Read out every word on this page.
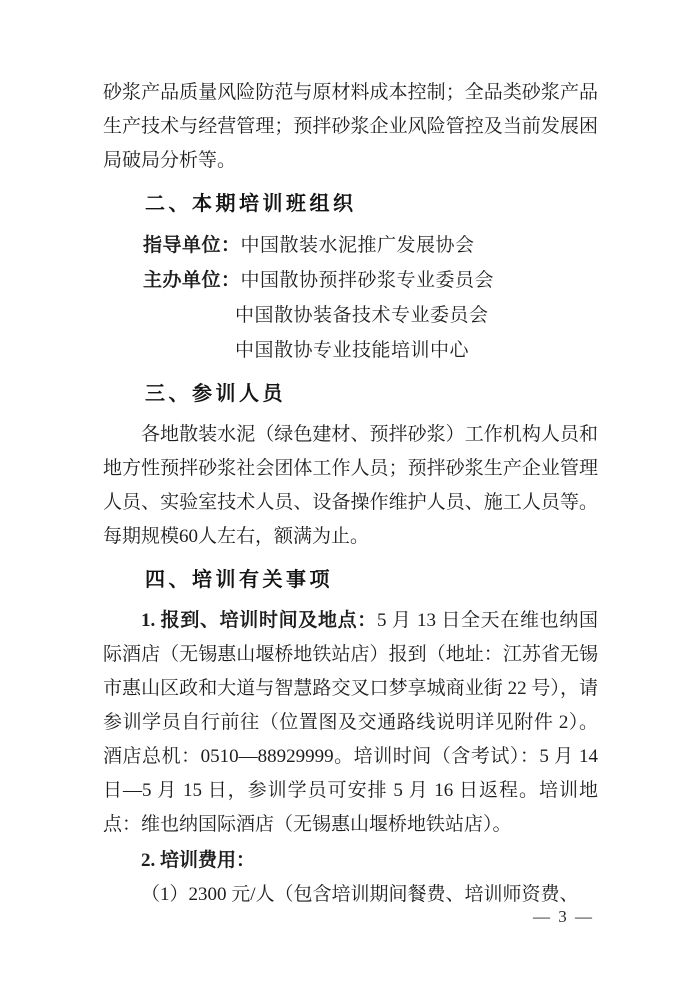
砂浆产品质量风险防范与原材料成本控制；全品类砂浆产品生产技术与经营管理；预拌砂浆企业风险管控及当前发展困局破局分析等。

二、本期培训班组织
指导单位：中国散装水泥推广发展协会
主办单位：中国散协预拌砂浆专业委员会
中国散协装备技术专业委员会
中国散协专业技能培训中心
三、参训人员

各地散装水泥（绿色建材、预拌砂浆）工作机构人员和地方性预拌砂浆社会团体工作人员；预拌砂浆生产企业管理人员、实验室技术人员、设备操作维护人员、施工人员等。每期规模60人左右，额满为止。

四、培训有关事项

1. 报到、培训时间及地点：5 月 13 日全天在维也纳国际酒店（无锡惠山堰桥地铁站店）报到（地址：江苏省无锡市惠山区政和大道与智慧路交叉口梦享城商业街 22 号），请参训学员自行前往（位置图及交通路线说明详见附件 2）。酒店总机：0510—88929999。培训时间（含考试）：5 月 14 日—5 月 15 日，参训学员可安排 5 月 16 日返程。培训地点：维也纳国际酒店（无锡惠山堰桥地铁站店）。

2. 培训费用：

（1）2300 元/人（包含培训期间餐费、培训师资费、

— 3 —
